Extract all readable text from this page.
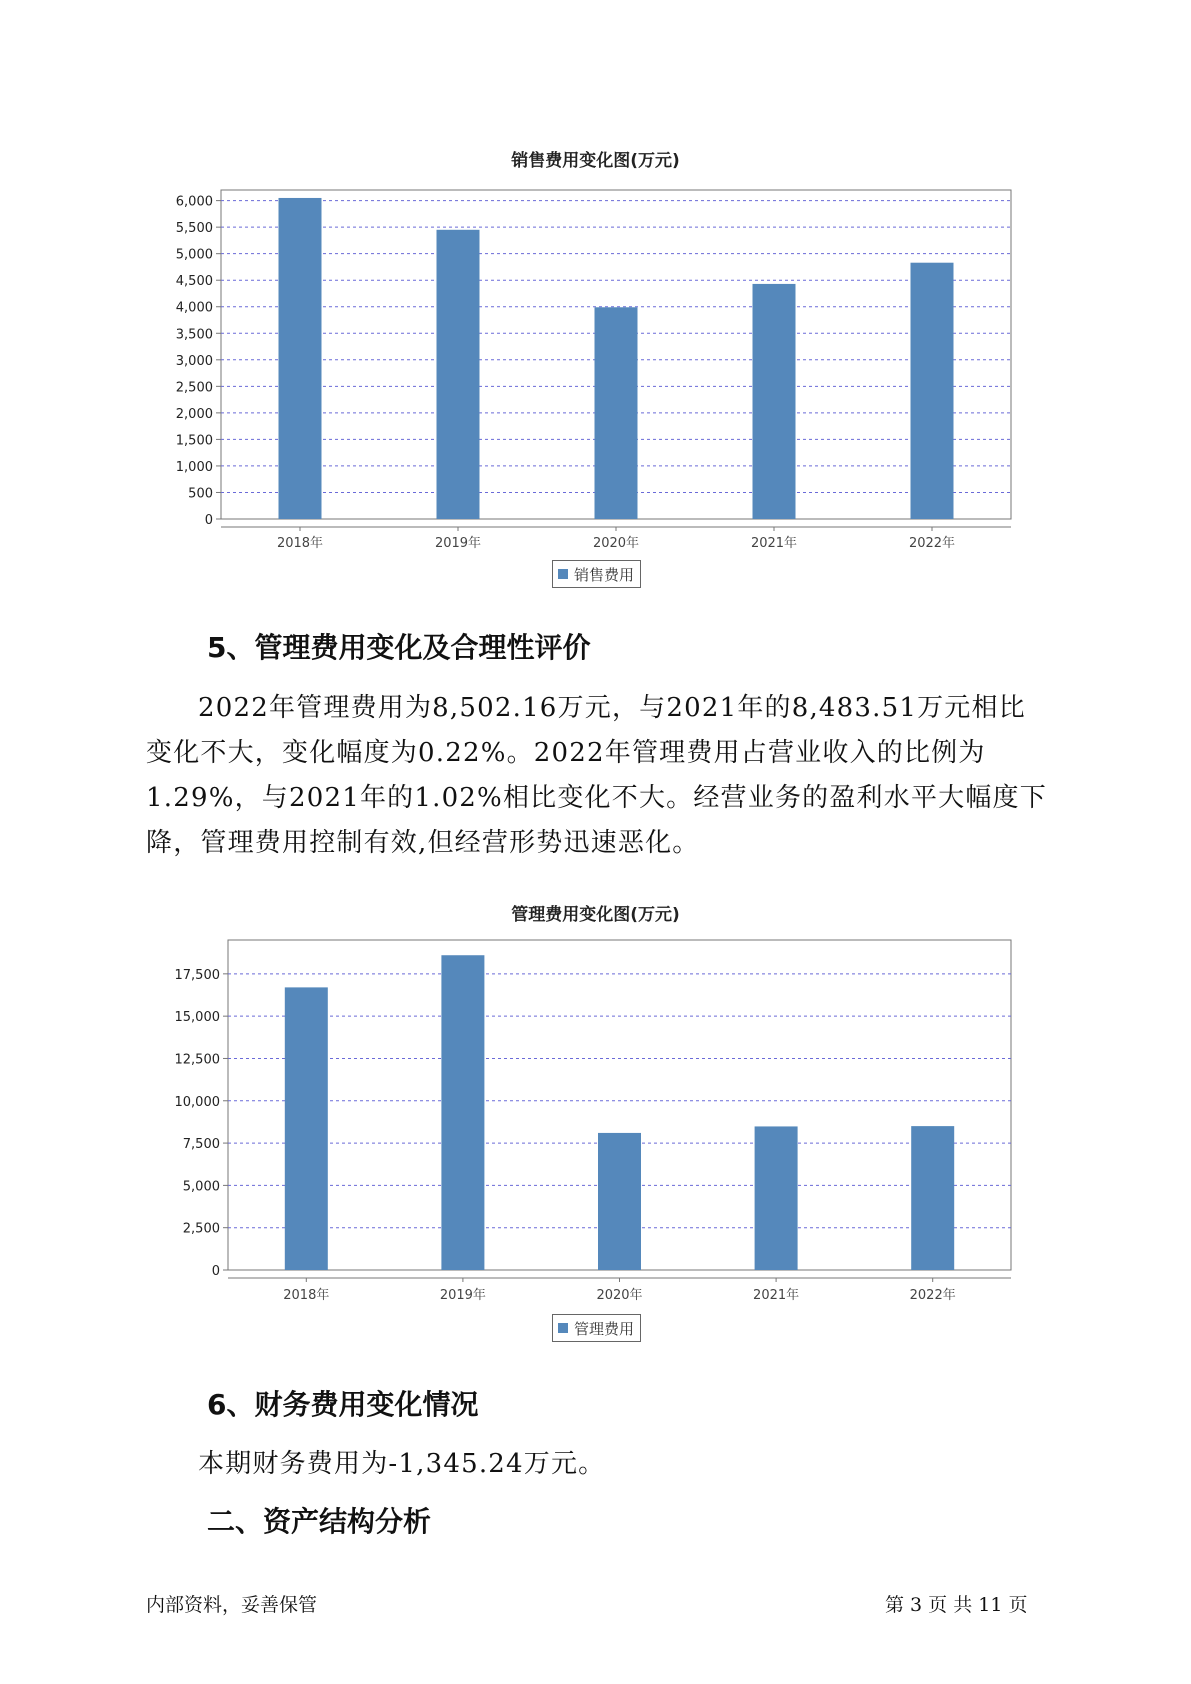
销售费用变化图(万元)
0
500
1,000
1,500
2,000
2,500
3,000
3,500
4,000
4,500
5,000
5,500
6,000
2018年	2019年	2020年	2021年	2022年
销售费用
5、管理费用变化及合理性评价

2022年管理费用为8,502.16万元，与2021年的8,483.51万元相比变化不大，变化幅度为0.22%。2022年管理费用占营业收入的比例为1.29%，与2021年的1.02%相比变化不大。经营业务的盈利水平大幅度下降，管理费用控制有效,但经营形势迅速恶化。

管理费用变化图(万元)
0
2,500
5,000
7,500
10,000
12,500
15,000
17,500
2018年	2019年	2020年	2021年	2022年
管理费用
6、财务费用变化情况

本期财务费用为-1,345.24万元。

二、资产结构分析
内部资料，妥善保管	第 3 页 共 11 页
